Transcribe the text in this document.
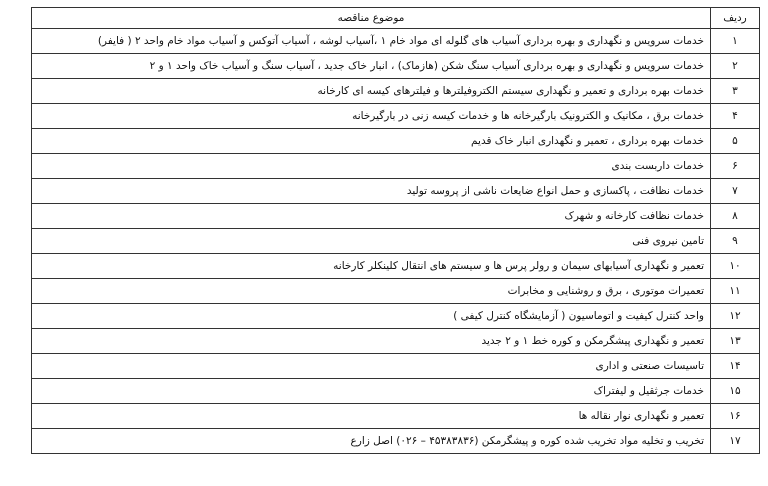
ردیف	موضوع مناقصه
۱	خدمات سرویس و نگهداری و بهره برداری آسیاب های گلوله ای مواد خام ۱ ،آسیاب لوشه ، آسیاب آتوکس و آسیاب مواد خام واحد ۲ ( فایفر)
۲	خدمات سرویس و نگهداری و بهره برداری آسیاب سنگ شکن (هازماک) ، انبار خاک جدید ، آسیاب سنگ و آسیاب خاک واحد ۱ و ۲
۳	خدمات بهره برداری و تعمیر و نگهداری سیستم الکتروفیلترها و فیلترهای کیسه ای کارخانه
۴	خدمات برق ، مکانیک و الکترونیک بارگیرخانه ها و خدمات کیسه زنی در بارگیرخانه
۵	خدمات بهره برداری ، تعمیر و نگهداری انبار خاک قدیم
۶	خدمات داربست بندی
۷	خدمات نظافت ، پاکسازی و حمل انواع ضایعات ناشی از پروسه تولید
۸	خدمات نظافت کارخانه و شهرک
۹	تامین نیروی فنی
۱۰	تعمیر و نگهداری آسیابهای سیمان و رولر پرس ها و سیستم های انتقال کلینکلر کارخانه
۱۱	تعمیرات موتوری ، برق و روشنایی و مخابرات
۱۲	واحد کنترل کیفیت و اتوماسیون ( آزمایشگاه کنترل کیفی )
۱۳	تعمیر و نگهداری پیشگرمکن و کوره خط ۱ و ۲ جدید
۱۴	تاسیسات صنعتی و اداری
۱۵	خدمات جرثقیل و لیفتراک
۱۶	تعمیر و نگهداری نوار نقاله ها
۱۷	تخریب و تخلیه مواد تخریب شده کوره و پیشگرمکن (۴۵۳۸۳۸۳۶ – ۰۲۶) اصل زارع
